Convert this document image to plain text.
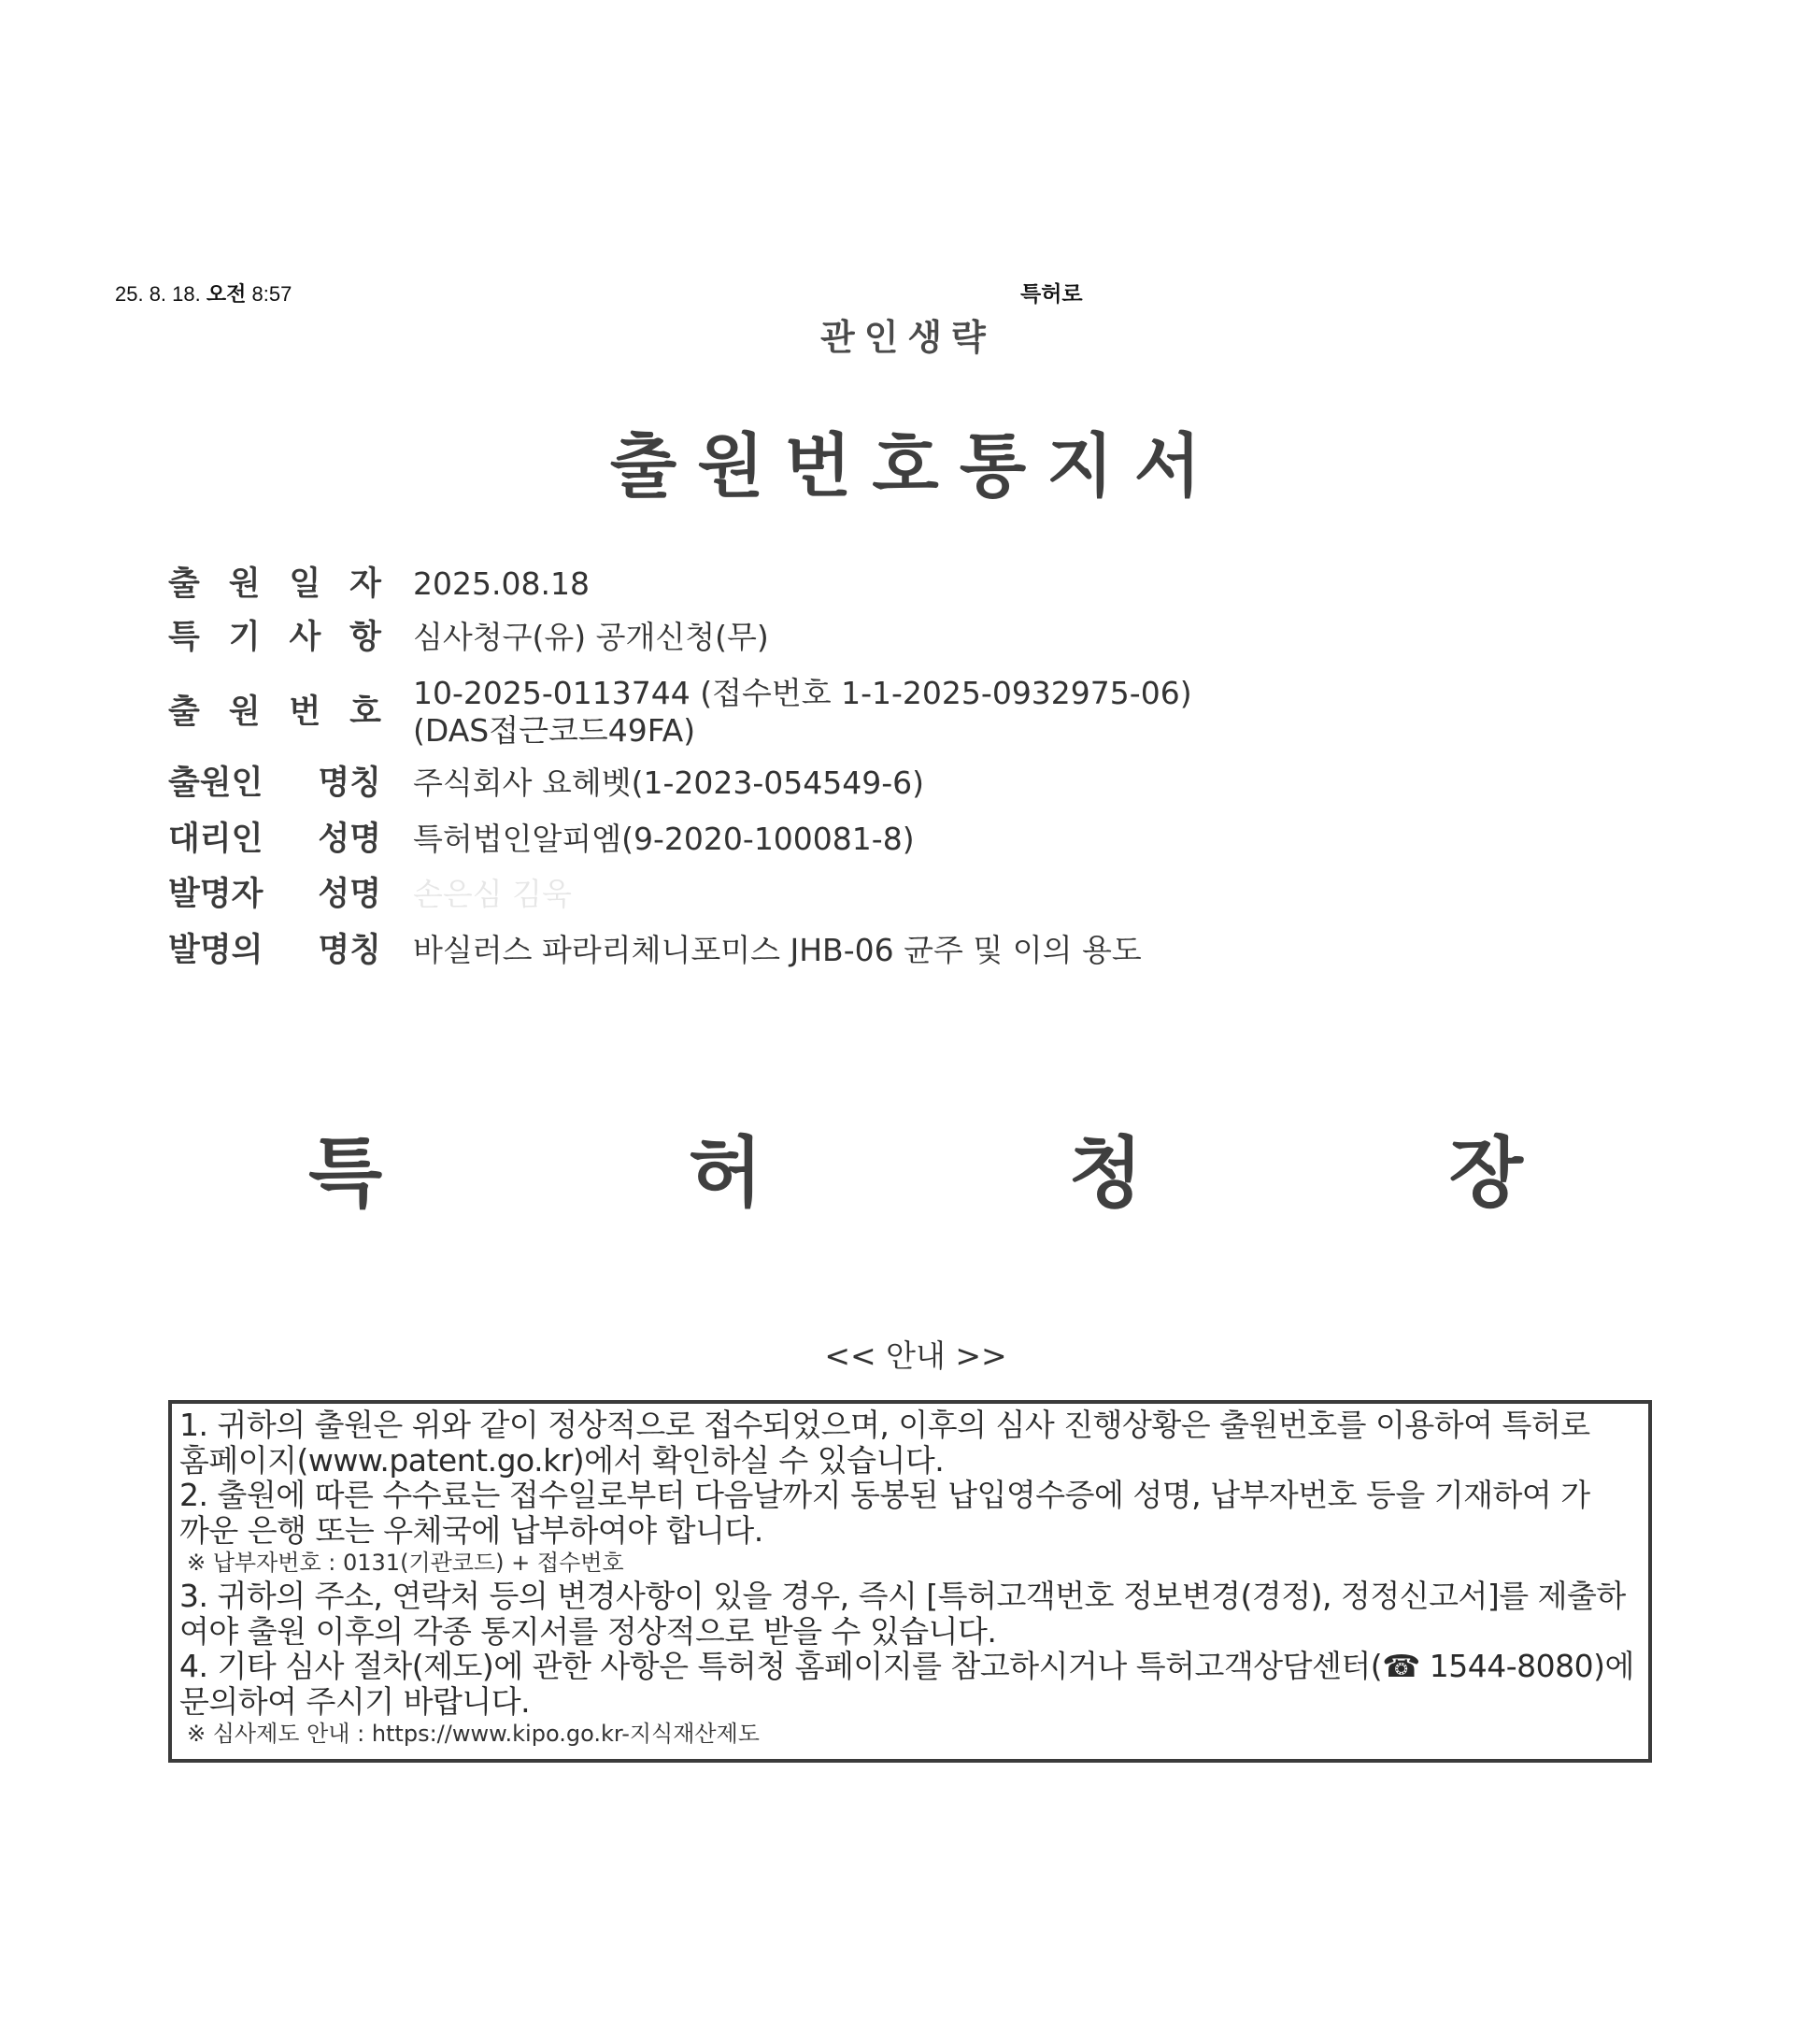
25. 8. 18. 오전 8:57	특허로
관인생략
출원번호통지서
출 원 일 자 2025.08.18
특 기 사 항 심사청구(유) 공개신청(무)
출 원 번 호
10-2025-0113744 (접수번호 1-1-2025-0932975-06)
(DAS접근코드49FA)
출원인 명칭 주식회사 요헤벳(1-2023-054549-6)
대리인 성명 특허법인알피엠(9-2020-100081-8)
발명자 성명 손은심 김욱
발명의 명칭 바실러스 파라리체니포미스 JHB-06 균주 및 이의 용도
특	허	청	장
<< 안내 >>
1. 귀하의 출원은 위와 같이 정상적으로 접수되었으며, 이후의 심사 진행상황은 출원번호를 이용하여 특허로
홈페이지(www.patent.go.kr)에서 확인하실 수 있습니다.
2. 출원에 따른 수수료는 접수일로부터 다음날까지 동봉된 납입영수증에 성명, 납부자번호 등을 기재하여 가
까운 은행 또는 우체국에 납부하여야 합니다.
※ 납부자번호 : 0131(기관코드) + 접수번호
3. 귀하의 주소, 연락처 등의 변경사항이 있을 경우, 즉시 [특허고객번호 정보변경(경정), 정정신고서]를 제출하
여야 출원 이후의 각종 통지서를 정상적으로 받을 수 있습니다.
4. 기타 심사 절차(제도)에 관한 사항은 특허청 홈페이지를 참고하시거나 특허고객상담센터(☎ 1544-8080)에
문의하여 주시기 바랍니다.
※ 심사제도 안내 : https://www.kipo.go.kr-지식재산제도
